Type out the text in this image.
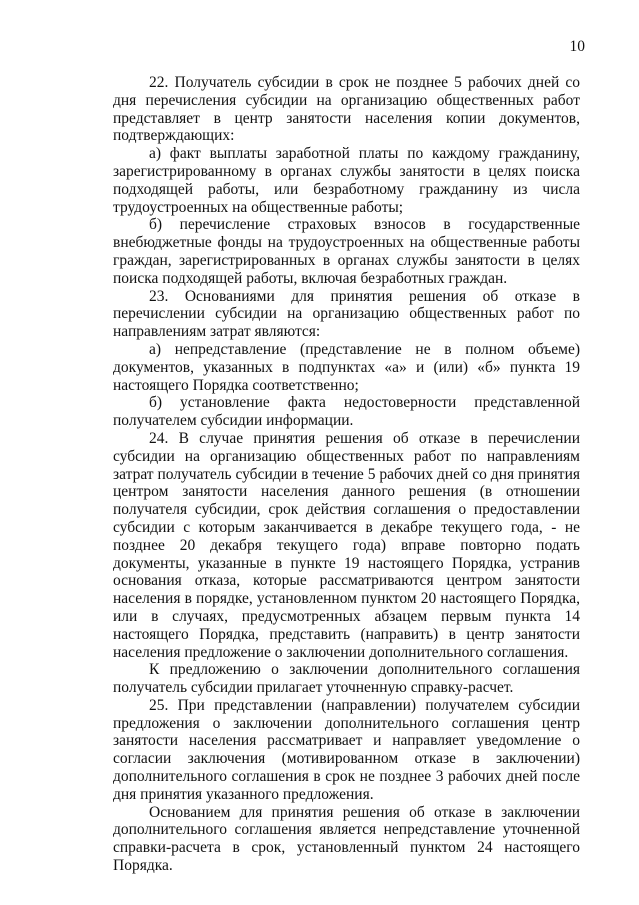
10

22. Получатель субсидии в срок не позднее 5 рабочих дней со дня перечисления субсидии на организацию общественных работ представляет в центр занятости населения копии документов, подтверждающих:

а) факт выплаты заработной платы по каждому гражданину, зарегистрированному в органах службы занятости в целях поиска подходящей работы, или безработному гражданину из числа трудоустроенных на общественные работы;

б) перечисление страховых взносов в государственные внебюджетные фонды на трудоустроенных на общественные работы граждан, зарегистрированных в органах службы занятости в целях поиска подходящей работы, включая безработных граждан.

23. Основаниями для принятия решения об отказе в перечислении субсидии на организацию общественных работ по направлениям затрат являются:

а) непредставление (представление не в полном объеме) документов, указанных в подпунктах «а» и (или) «б» пункта 19 настоящего Порядка соответственно;

б) установление факта недостоверности представленной получателем субсидии информации.

24. В случае принятия решения об отказе в перечислении субсидии на организацию общественных работ по направлениям затрат получатель субсидии в течение 5 рабочих дней со дня принятия центром занятости населения данного решения (в отношении получателя субсидии, срок действия соглашения о предоставлении субсидии с которым заканчивается в декабре текущего года, - не позднее 20 декабря текущего года) вправе повторно подать документы, указанные в пункте 19 настоящего Порядка, устранив основания отказа, которые рассматриваются центром занятости населения в порядке, установленном пунктом 20 настоящего Порядка, или в случаях, предусмотренных абзацем первым пункта 14 настоящего Порядка, представить (направить) в центр занятости населения предложение о заключении дополнительного соглашения.

К предложению о заключении дополнительного соглашения получатель субсидии прилагает уточненную справку-расчет.

25. При представлении (направлении) получателем субсидии предложения о заключении дополнительного соглашения центр занятости населения рассматривает и направляет уведомление о согласии заключения (мотивированном отказе в заключении) дополнительного соглашения в срок не позднее 3 рабочих дней после дня принятия указанного предложения.

Основанием для принятия решения об отказе в заключении дополнительного соглашения является непредставление уточненной справки-расчета в срок, установленный пунктом 24 настоящего Порядка.
